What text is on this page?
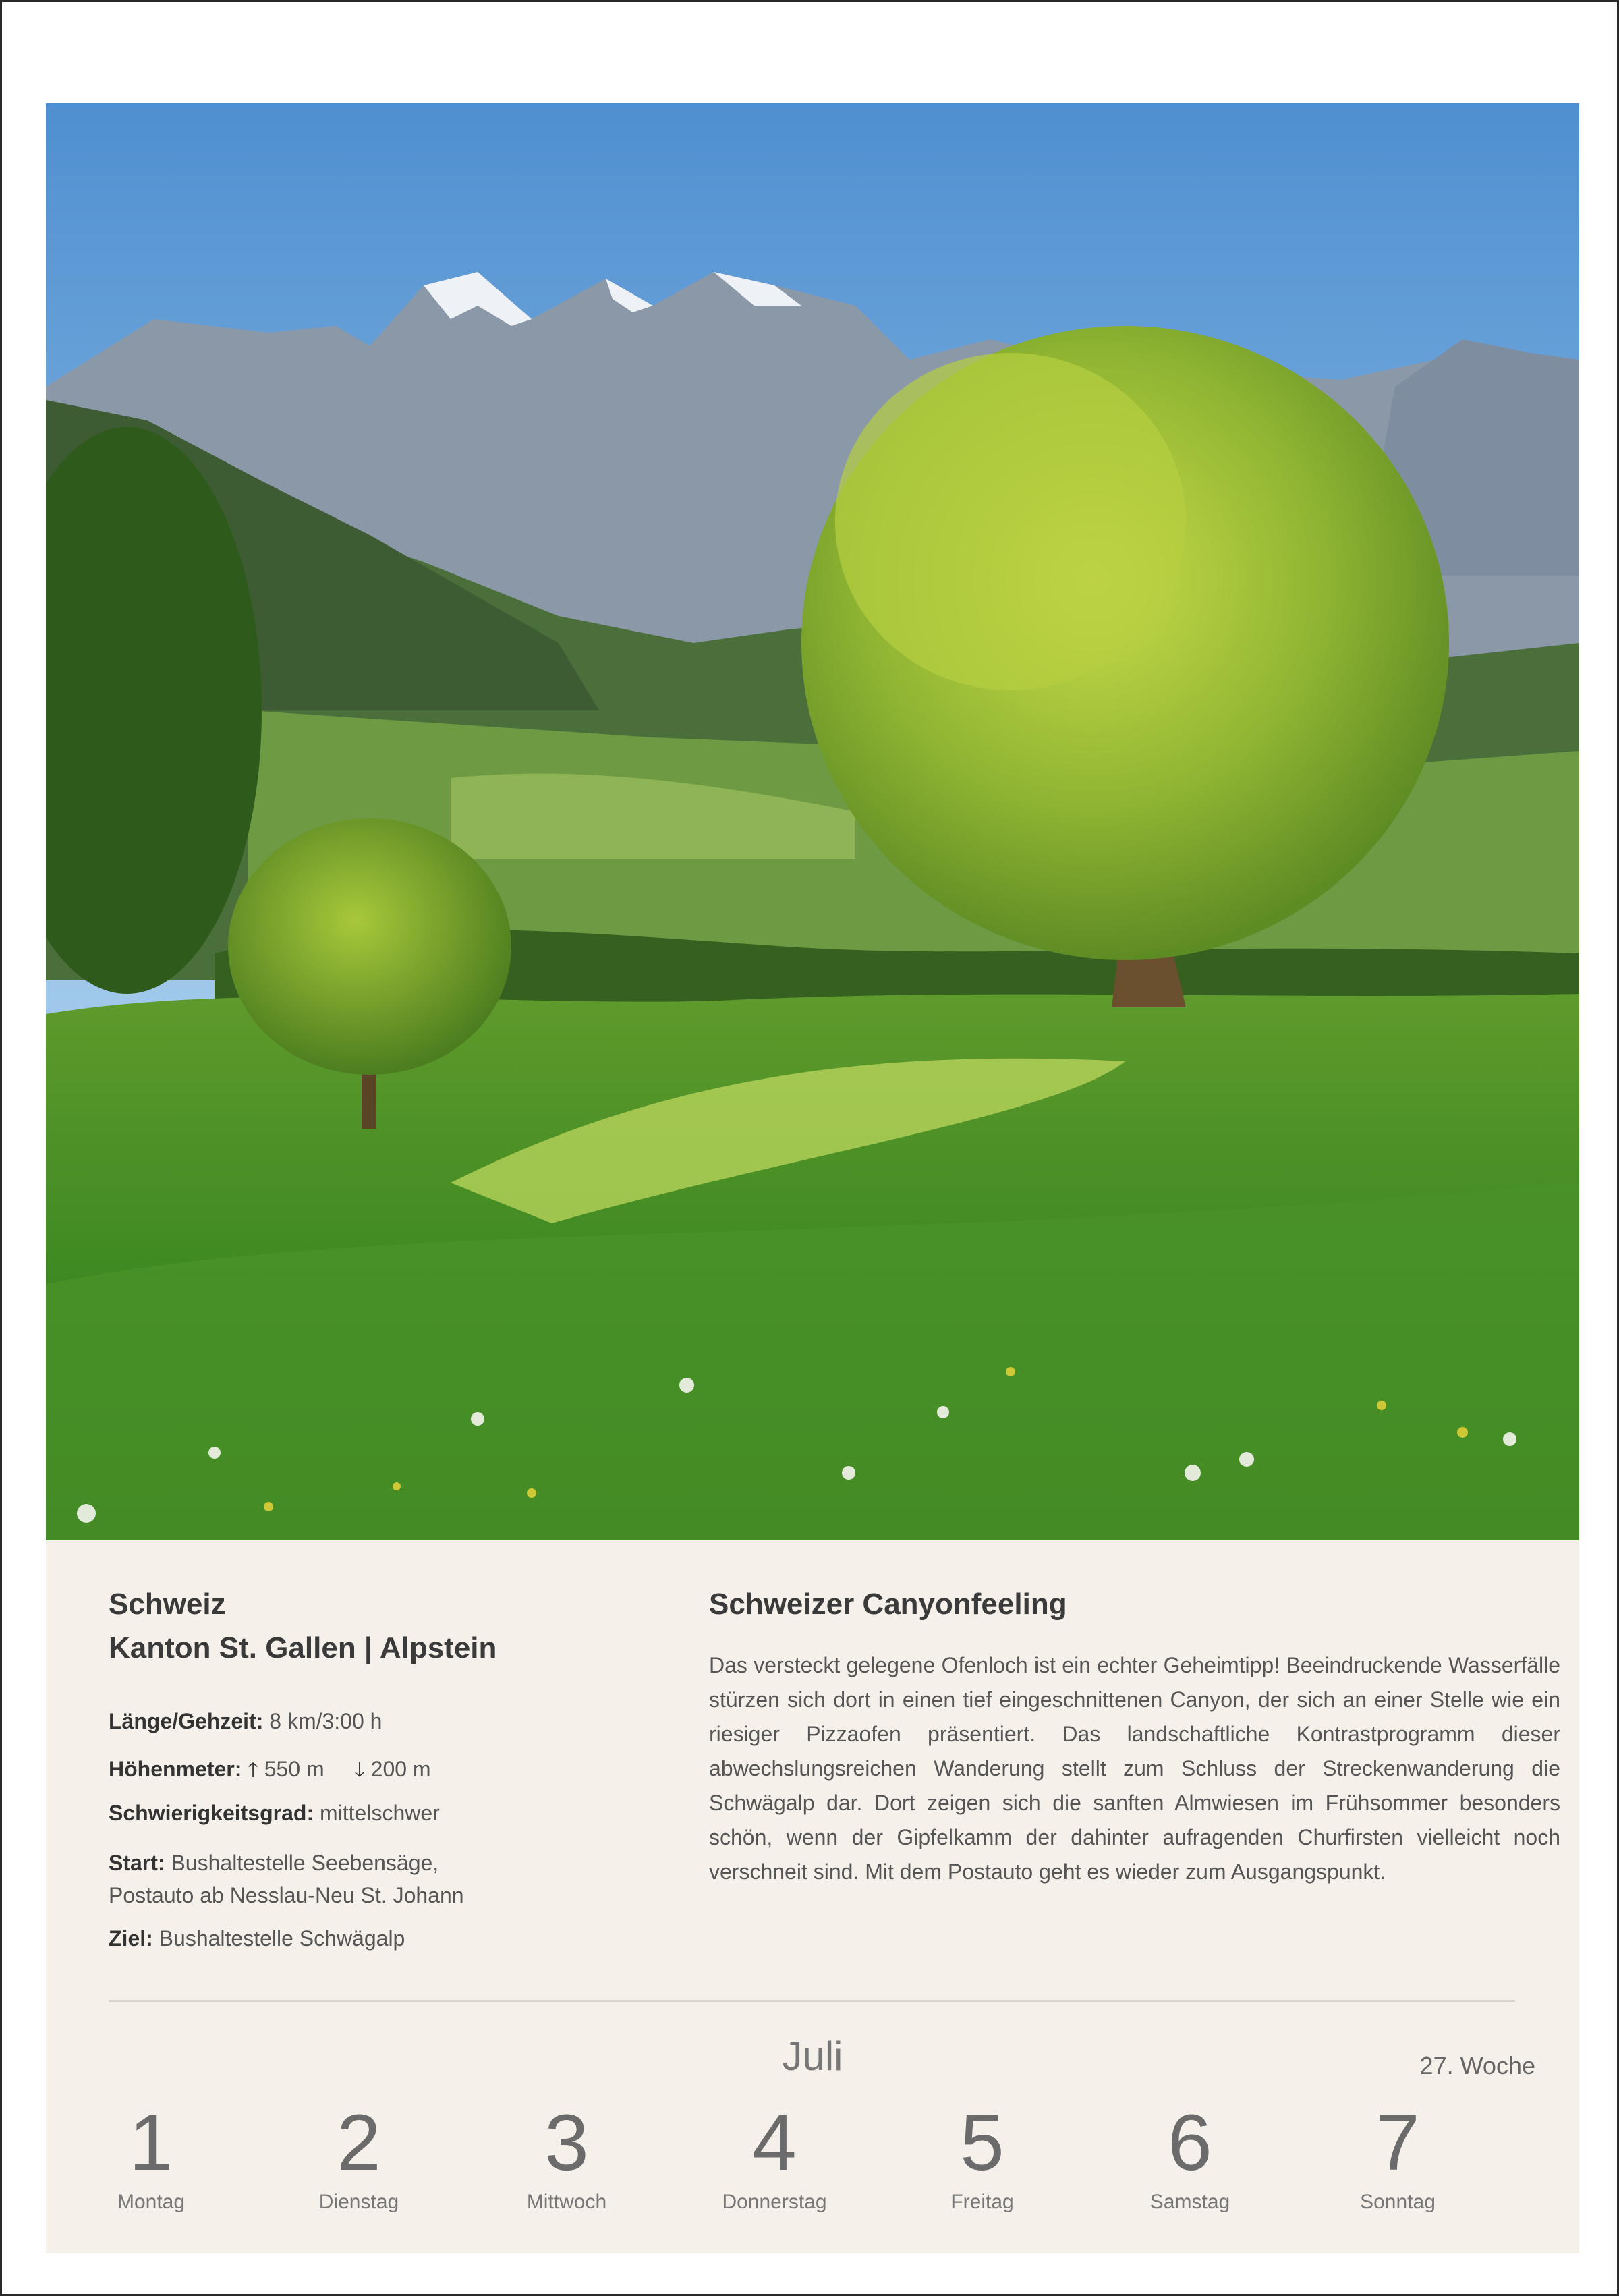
Schweiz
Kanton St. Gallen | Alpstein
Länge/Gehzeit: 8 km/3:00 h
Höhenmeter: 🡑 550 m 🡓 200 m
Schwierigkeitsgrad: mittelschwer
Start: Bushaltestelle Seebensäge,
Postauto ab Nesslau-Neu St. Johann
Ziel: Bushaltestelle Schwägalp
Schweizer Canyonfeeling
Das versteckt gelegene Ofenloch ist ein echter Geheimtipp! Beeindruckende Wasserfälle stürzen sich dort in einen tief eingeschnittenen Canyon, der sich an einer Stelle wie ein riesiger Pizzaofen präsentiert. Das landschaftliche Kontrastprogramm dieser abwechslungsreichen Wanderung stellt zum Schluss der Streckenwanderung die Schwägalp dar. Dort zeigen sich die sanften Almwiesen im Frühsommer besonders schön, wenn der Gipfelkamm der dahinter aufragenden Churfirsten vielleicht noch verschneit sind. Mit dem Postauto geht es wieder zum Ausgangspunkt.
Juli	27. Woche
1
Montag
2
Dienstag
3
Mittwoch
4
Donnerstag
5
Freitag
6
Samstag
7
Sonntag
